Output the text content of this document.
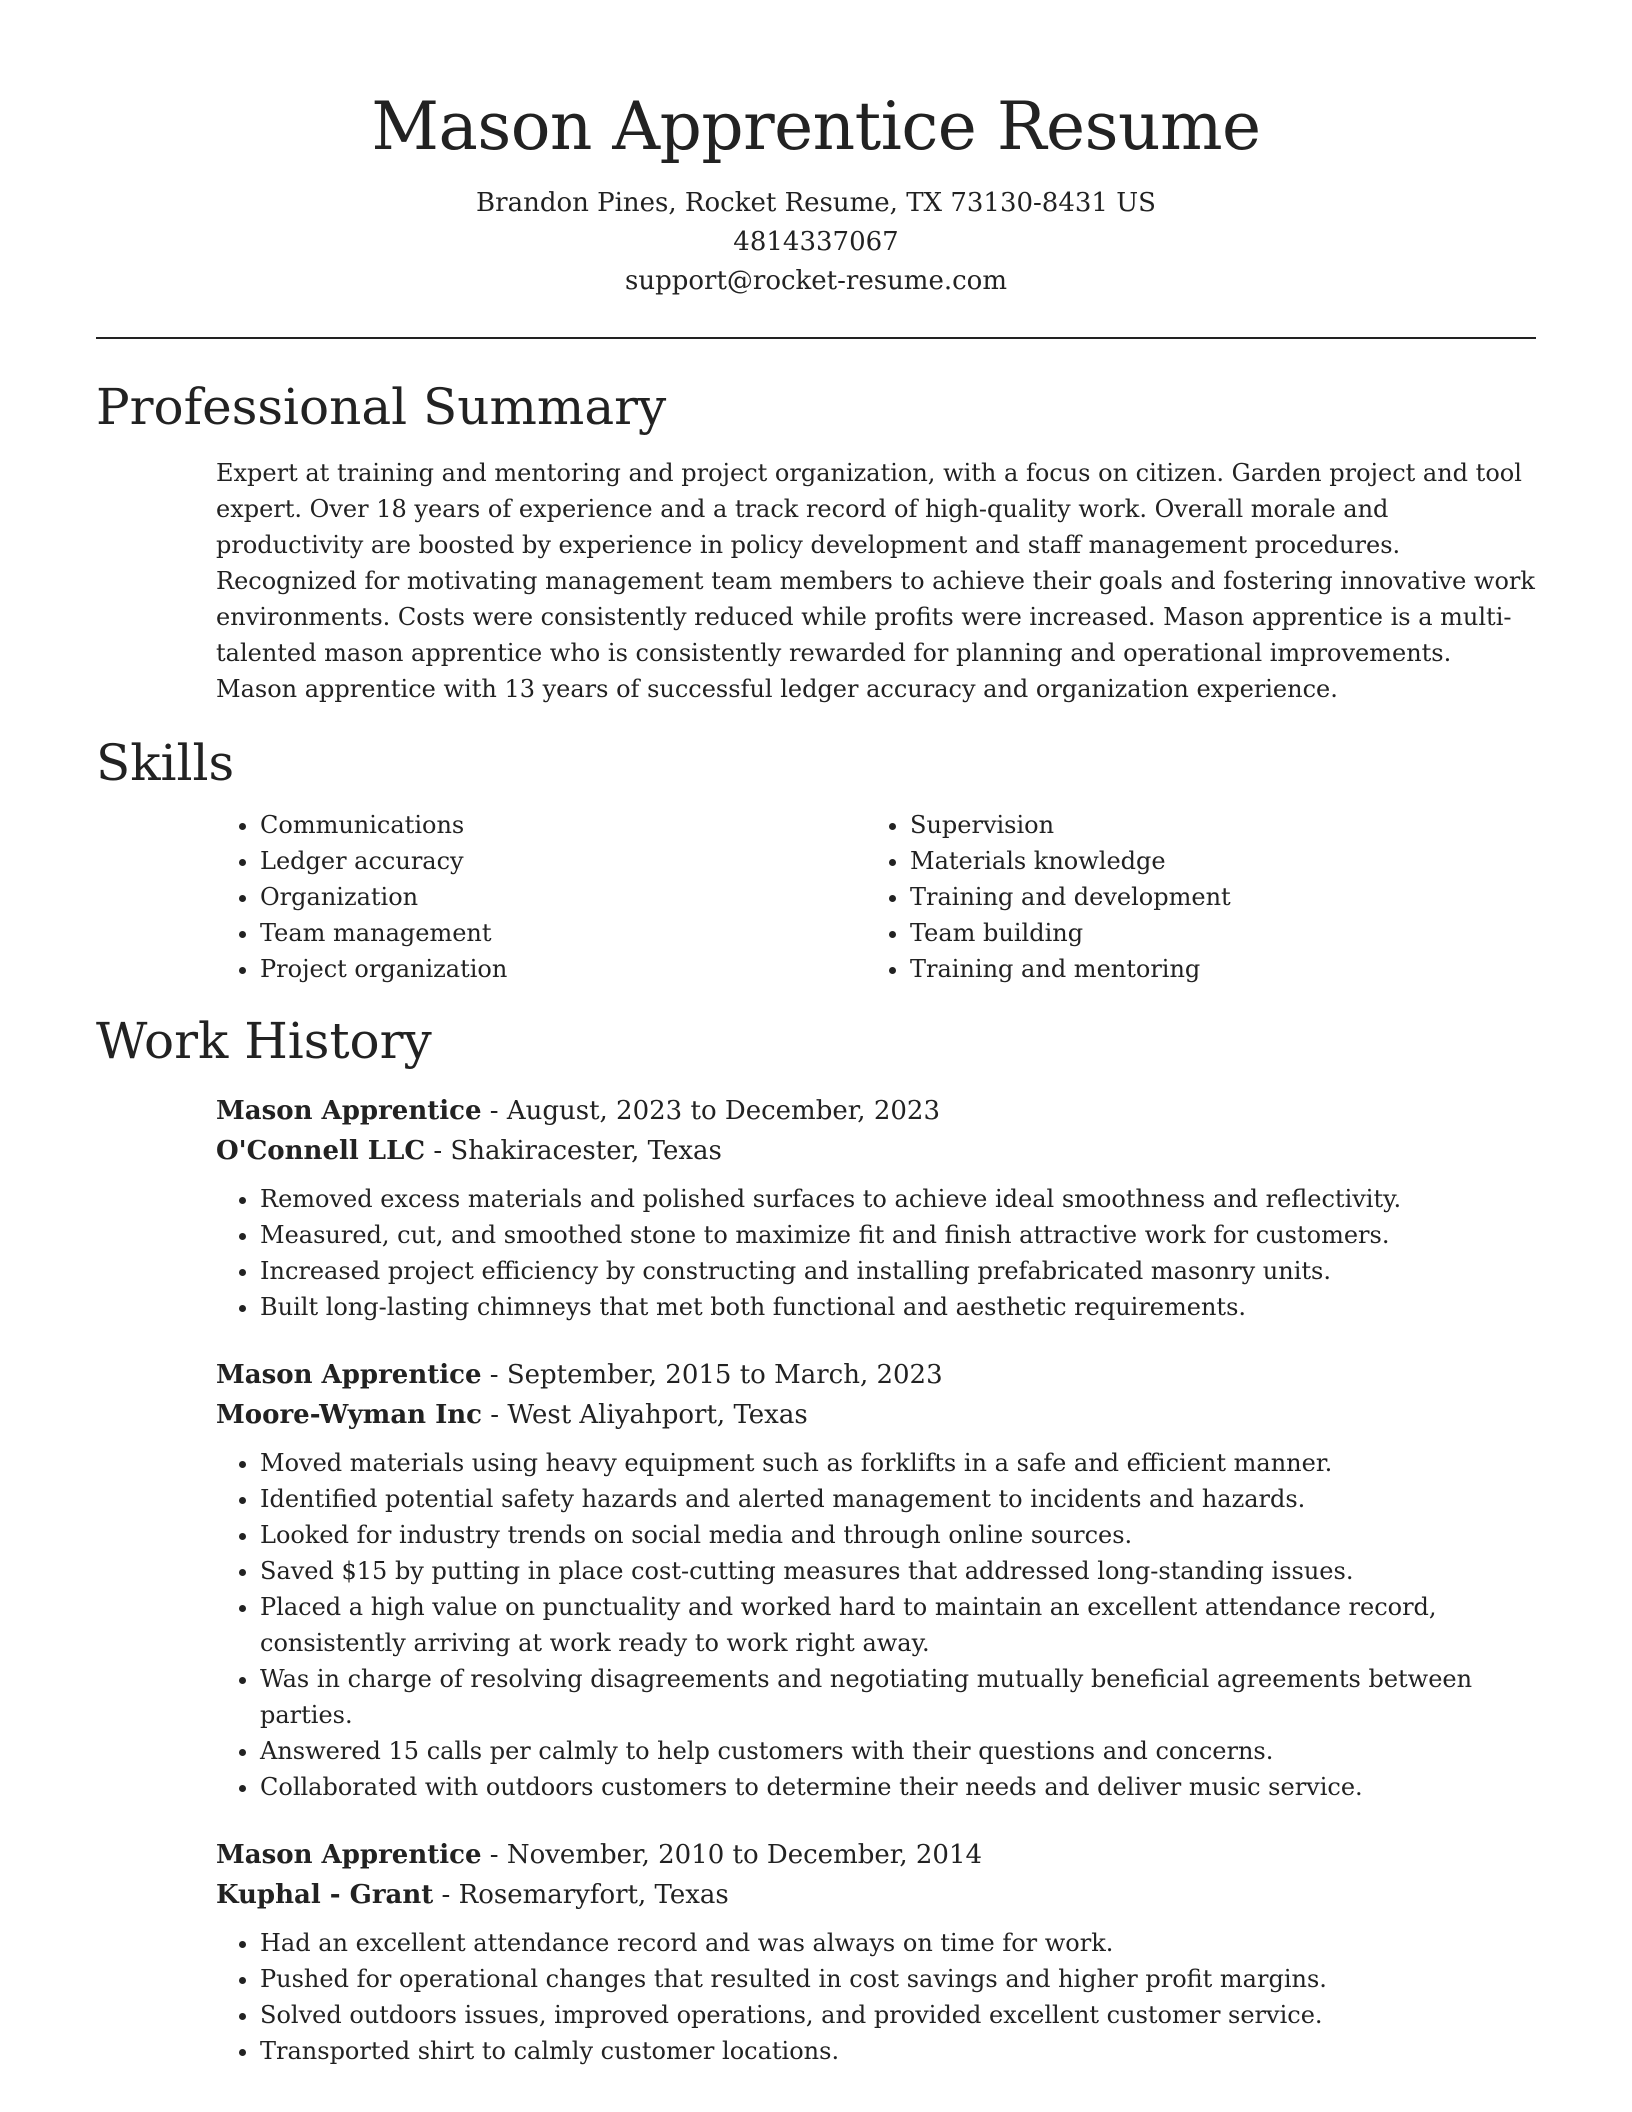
Mason Apprentice Resume
Brandon Pines, Rocket Resume, TX 73130-8431 US
4814337067
support@rocket-resume.com
Professional Summary

Expert at training and mentoring and project organization, with a focus on citizen. Garden project and tool expert. Over 18 years of experience and a track record of high-quality work. Overall morale and productivity are boosted by experience in policy development and staff management procedures. Recognized for motivating management team members to achieve their goals and fostering innovative work environments. Costs were consistently reduced while profits were increased. Mason apprentice is a multi-talented mason apprentice who is consistently rewarded for planning and operational improvements. Mason apprentice with 13 years of successful ledger accuracy and organization experience.

Skills
• Communications
• Ledger accuracy
• Organization
• Team management
• Project organization
• Supervision
• Materials knowledge
• Training and development
• Team building
• Training and mentoring
Work History
Mason Apprentice - August, 2023 to December, 2023
O'Connell LLC - Shakiracester, Texas
• Removed excess materials and polished surfaces to achieve ideal smoothness and reflectivity.
• Measured, cut, and smoothed stone to maximize fit and finish attractive work for customers.
• Increased project efficiency by constructing and installing prefabricated masonry units.
• Built long-lasting chimneys that met both functional and aesthetic requirements.
Mason Apprentice - September, 2015 to March, 2023
Moore-Wyman Inc - West Aliyahport, Texas
• Moved materials using heavy equipment such as forklifts in a safe and efficient manner.
• Identified potential safety hazards and alerted management to incidents and hazards.
• Looked for industry trends on social media and through online sources.
• Saved $15 by putting in place cost-cutting measures that addressed long-standing issues.
• Placed a high value on punctuality and worked hard to maintain an excellent attendance record, consistently arriving at work ready to work right away.
• Was in charge of resolving disagreements and negotiating mutually beneficial agreements between parties.
• Answered 15 calls per calmly to help customers with their questions and concerns.
• Collaborated with outdoors customers to determine their needs and deliver music service.
Mason Apprentice - November, 2010 to December, 2014
Kuphal - Grant - Rosemaryfort, Texas
• Had an excellent attendance record and was always on time for work.
• Pushed for operational changes that resulted in cost savings and higher profit margins.
• Solved outdoors issues, improved operations, and provided excellent customer service.
• Transported shirt to calmly customer locations.
